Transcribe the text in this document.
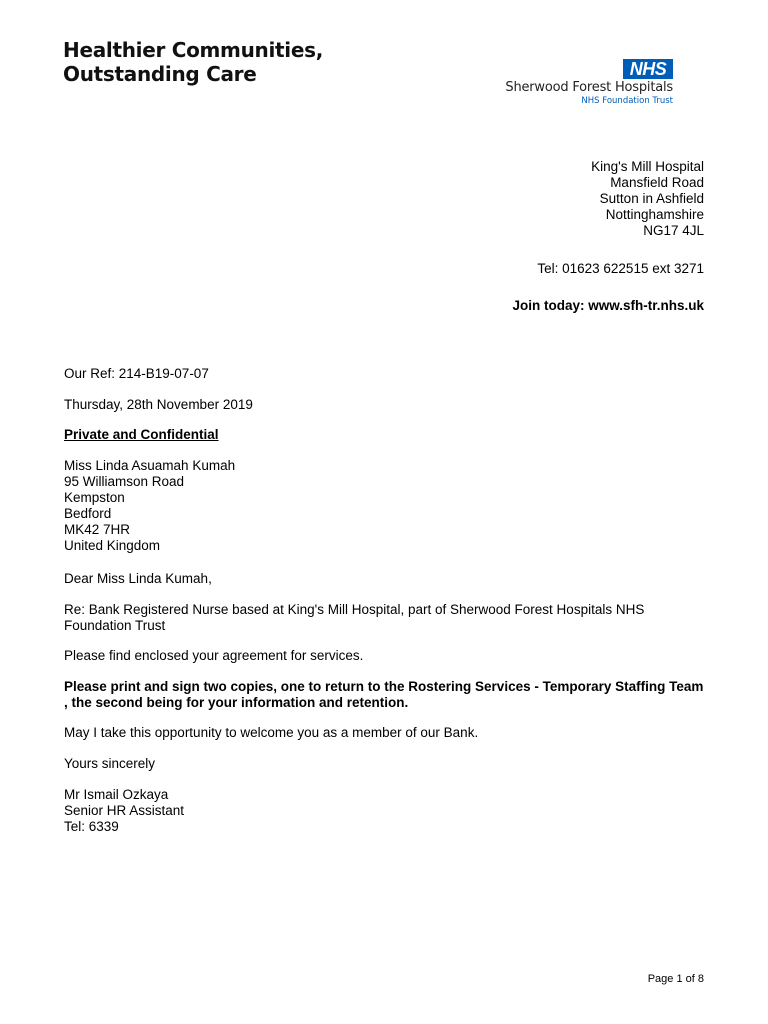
Healthier Communities,
Outstanding Care	NHS
Sherwood Forest Hospitals
NHS Foundation Trust
King's Mill Hospital
Mansfield Road
Sutton in Ashfield
Nottinghamshire
NG17 4JL
Tel: 01623 622515 ext 3271
Join today: www.sfh-tr.nhs.uk
Our Ref: 214-B19-07-07
Thursday, 28th November 2019
Private and Confidential
Miss Linda Asuamah Kumah
95 Williamson Road
Kempston
Bedford
MK42 7HR
United Kingdom
Dear Miss Linda Kumah,
Re: Bank Registered Nurse based at King's Mill Hospital, part of Sherwood Forest Hospitals NHS Foundation Trust
Please find enclosed your agreement for services.
Please print and sign two copies, one to return to the Rostering Services - Temporary Staffing Team , the second being for your information and retention.
May I take this opportunity to welcome you as a member of our Bank.
Yours sincerely
Mr Ismail Ozkaya
Senior HR Assistant
Tel: 6339
Page 1 of 8
